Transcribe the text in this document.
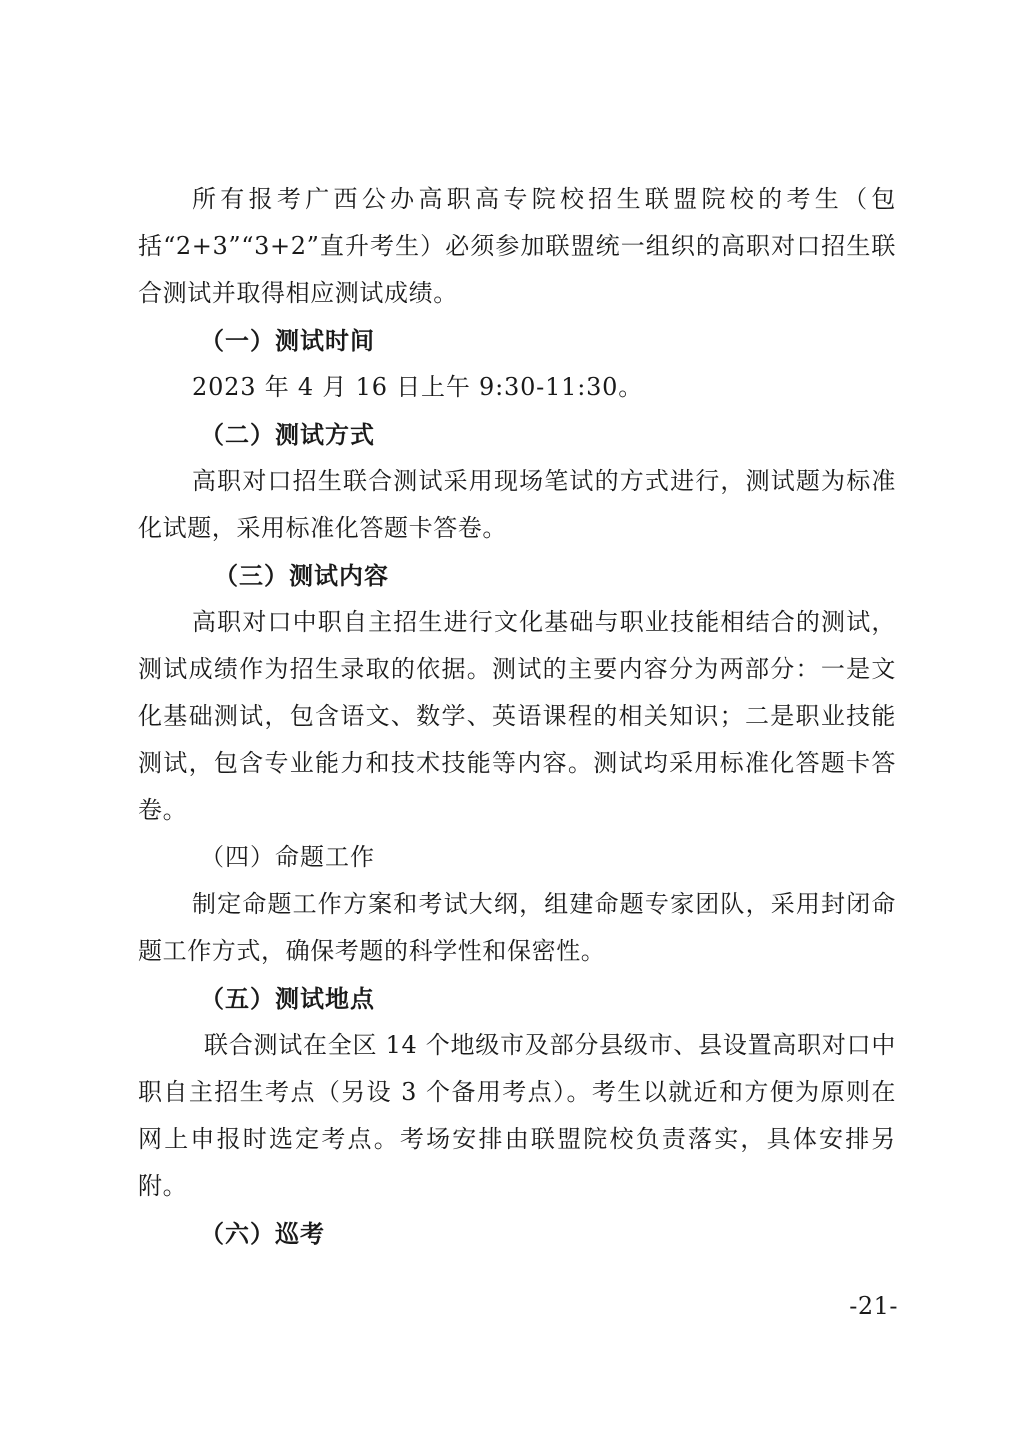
所有报考广西公办高职高专院校招生联盟院校的考生（包括“2+3”“3+2”直升考生）必须参加联盟统一组织的高职对口招生联合测试并取得相应测试成绩。

（一）测试时间

2023 年 4 月 16 日上午 9:30-11:30。

（二）测试方式

高职对口招生联合测试采用现场笔试的方式进行，测试题为标准化试题，采用标准化答题卡答卷。

（三）测试内容

高职对口中职自主招生进行文化基础与职业技能相结合的测试，测试成绩作为招生录取的依据。测试的主要内容分为两部分：一是文化基础测试，包含语文、数学、英语课程的相关知识；二是职业技能测试，包含专业能力和技术技能等内容。测试均采用标准化答题卡答卷。

（四）命题工作

制定命题工作方案和考试大纲，组建命题专家团队，采用封闭命题工作方式，确保考题的科学性和保密性。

（五）测试地点

联合测试在全区 14 个地级市及部分县级市、县设置高职对口中职自主招生考点（另设 3 个备用考点）。考生以就近和方便为原则在网上申报时选定考点。考场安排由联盟院校负责落实，具体安排另附。

（六）巡考

-21-
